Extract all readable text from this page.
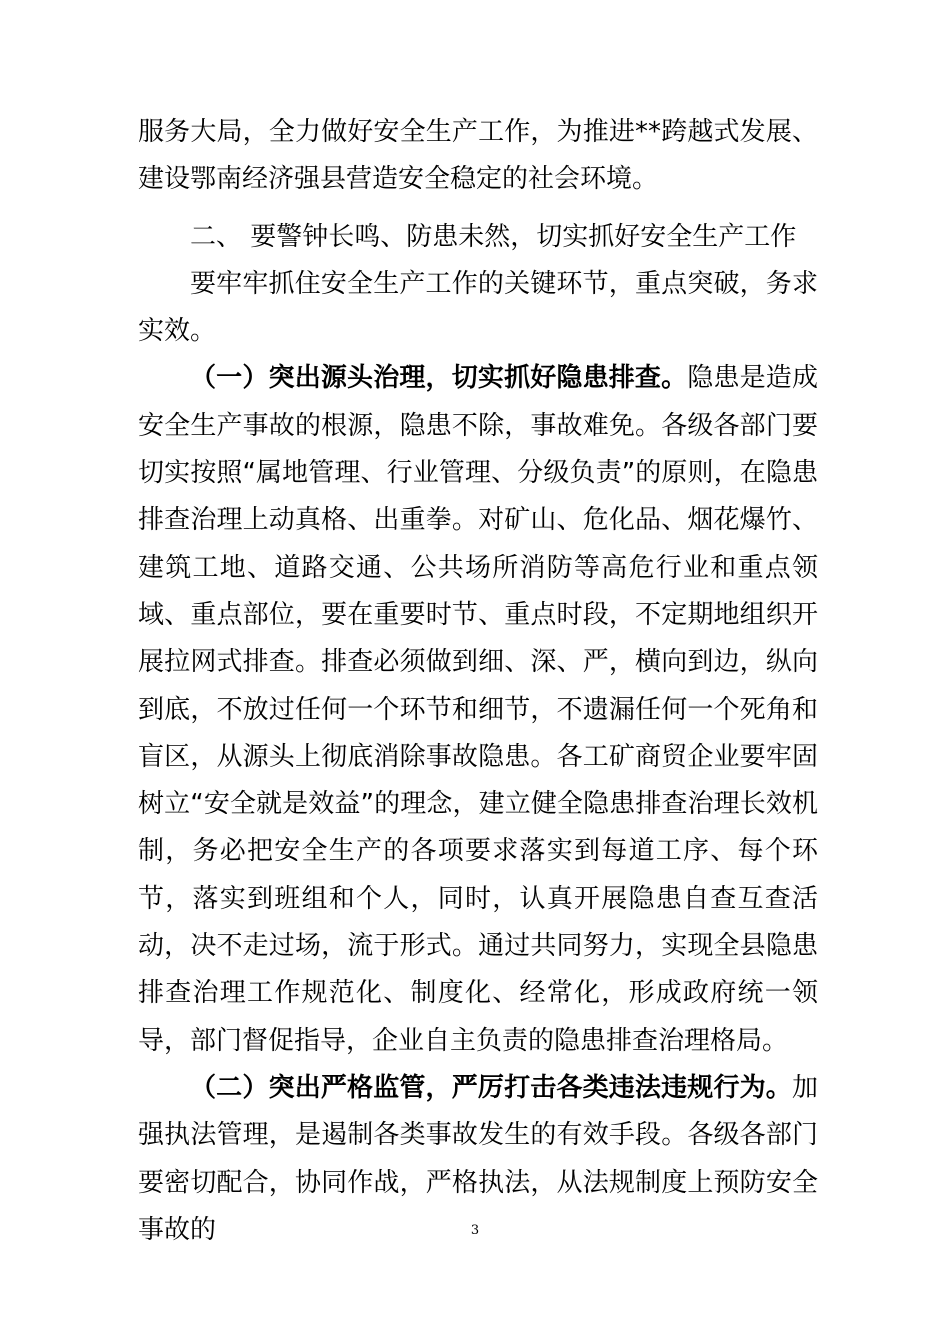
服务大局，全力做好安全生产工作，为推进**跨越式发展、建设鄂南经济强县营造安全稳定的社会环境。

二、 要警钟长鸣、防患未然，切实抓好安全生产工作

要牢牢抓住安全生产工作的关键环节，重点突破，务求实效。

（一）突出源头治理，切实抓好隐患排查。隐患是造成安全生产事故的根源，隐患不除，事故难免。各级各部门要切实按照“属地管理、行业管理、分级负责”的原则，在隐患排查治理上动真格、出重拳。对矿山、危化品、烟花爆竹、建筑工地、道路交通、公共场所消防等高危行业和重点领域、重点部位，要在重要时节、重点时段，不定期地组织开展拉网式排查。排查必须做到细、深、严，横向到边，纵向到底，不放过任何一个环节和细节，不遗漏任何一个死角和盲区，从源头上彻底消除事故隐患。各工矿商贸企业要牢固树立“安全就是效益”的理念，建立健全隐患排查治理长效机制，务必把安全生产的各项要求落实到每道工序、每个环节，落实到班组和个人，同时，认真开展隐患自查互查活动，决不走过场，流于形式。通过共同努力，实现全县隐患排查治理工作规范化、制度化、经常化，形成政府统一领导，部门督促指导，企业自主负责的隐患排查治理格局。

（二）突出严格监管，严厉打击各类违法违规行为。加强执法管理，是遏制各类事故发生的有效手段。各级各部门要密切配合，协同作战，严格执法，从法规制度上预防安全事故的	3
